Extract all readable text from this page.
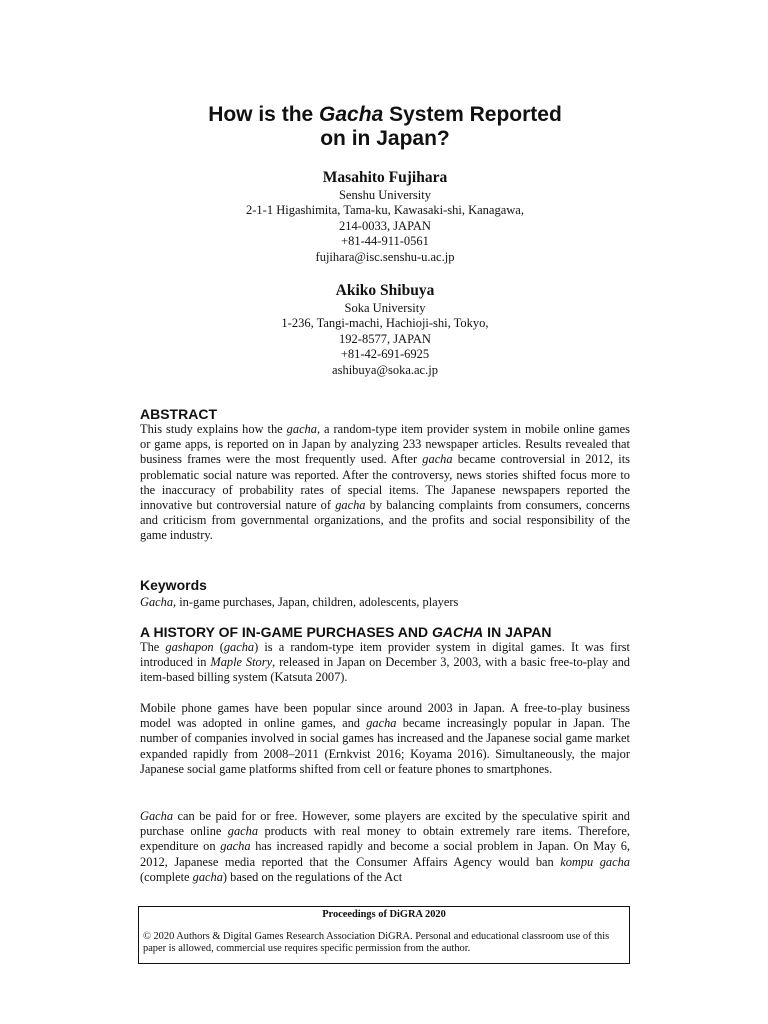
How is the Gacha System Reported
on in Japan?
Masahito Fujihara
Senshu University
2-1-1 Higashimita, Tama-ku, Kawasaki-shi, Kanagawa,
214-0033, JAPAN
+81-44-911-0561
fujihara@isc.senshu-u.ac.jp
Akiko Shibuya
Soka University
1-236, Tangi-machi, Hachioji-shi, Tokyo,
192-8577, JAPAN
+81-42-691-6925
ashibuya@soka.ac.jp
ABSTRACT
This study explains how the gacha, a random-type item provider system in mobile online games or game apps, is reported on in Japan by analyzing 233 newspaper articles. Results revealed that business frames were the most frequently used. After gacha became controversial in 2012, its problematic social nature was reported. After the controversy, news stories shifted focus more to the inaccuracy of probability rates of special items. The Japanese newspapers reported the innovative but controversial nature of gacha by balancing complaints from consumers, concerns and criticism from governmental organizations, and the profits and social responsibility of the game industry.
Keywords
Gacha, in-game purchases, Japan, children, adolescents, players
A HISTORY OF IN-GAME PURCHASES AND GACHA IN JAPAN
The gashapon (gacha) is a random-type item provider system in digital games. It was first introduced in Maple Story, released in Japan on December 3, 2003, with a basic free-to-play and item-based billing system (Katsuta 2007).
Mobile phone games have been popular since around 2003 in Japan. A free-to-play business model was adopted in online games, and gacha became increasingly popular in Japan. The number of companies involved in social games has increased and the Japanese social game market expanded rapidly from 2008–2011 (Ernkvist 2016; Koyama 2016). Simultaneously, the major Japanese social game platforms shifted from cell or feature phones to smartphones.
Gacha can be paid for or free. However, some players are excited by the speculative spirit and purchase online gacha products with real money to obtain extremely rare items. Therefore, expenditure on gacha has increased rapidly and become a social problem in Japan. On May 6, 2012, Japanese media reported that the Consumer Affairs Agency would ban kompu gacha (complete gacha) based on the regulations of the Act
Proceedings of DiGRA 2020
© 2020 Authors & Digital Games Research Association DiGRA. Personal and educational classroom use of this paper is allowed, commercial use requires specific permission from the author.
